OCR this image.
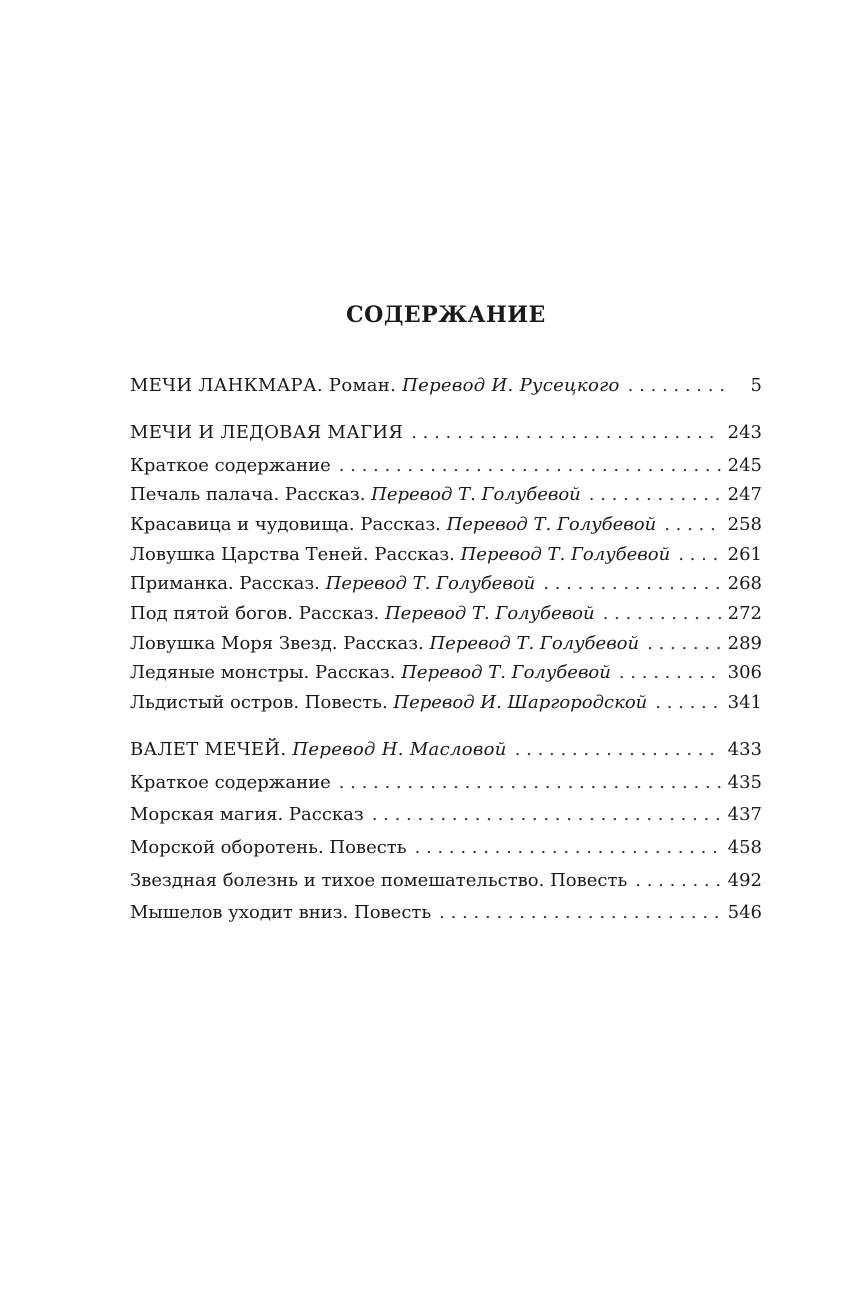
СОДЕРЖАНИЕ
МЕЧИ ЛАНКМАРА. Роман. Перевод И. Русецкого . . .	5
МЕЧИ И ЛЕДОВАЯ МАГИЯ . . .	243
Краткое содержание . . .	245
Печаль палача. Рассказ. Перевод Т. Голубевой . . .	247
Красавица и чудовища. Рассказ. Перевод Т. Голубевой . . .	258
Ловушка Царства Теней. Рассказ. Перевод Т. Голубевой . . .	261
Приманка. Рассказ. Перевод Т. Голубевой . . .	268
Под пятой богов. Рассказ. Перевод Т. Голубевой . . .	272
Ловушка Моря Звезд. Рассказ. Перевод Т. Голубевой . . .	289
Ледяные монстры. Рассказ. Перевод Т. Голубевой . . .	306
Льдистый остров. Повесть. Перевод И. Шаргородской . . .	341
ВАЛЕТ МЕЧЕЙ. Перевод Н. Масловой . . .	433
Краткое содержание . . .	435
Морская магия. Рассказ . . .	437
Морской оборотень. Повесть . . .	458
Звездная болезнь и тихое помешательство. Повесть . . .	492
Мышелов уходит вниз. Повесть . . .	546
